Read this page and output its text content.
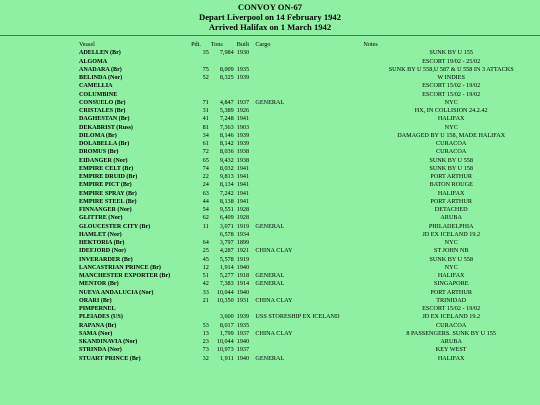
CONVOY ON-67
Depart Liverpool on 14 February 1942
Arrived Halifax on 1 March 1942
Vessel	Pdt.	Tons	Built	Cargo	Notes
ADELLEN (Br)	35	7,984	1930		SUNK BY U 155
ALGOMA					ESCORT 19/02 - 25/02
ANADARA (Br)	75	8,009	1935		SUNK BY U 558,U 587 & U 558 IN 3 ATTACKS
BELINDA (Nor)	52	8,325	1939		W INDIES
CAMELLIA					ESCORT 15/02 - 19/02
COLUMBINE					ESCORT 15/02 - 19/02
CONSUELO (Br)	71	4,847	1937	GENERAL	NYC
CRISTALES (Br)	31	5,389	1926		HX, IN COLLISION 24.2.42
DAGHESTAN (Br)	41	7,248	1941		HALIFAX
DEKABRIST (Russ)	81	7,363	1903		NYC
DILOMA (Br)	34	8,146	1939		DAMAGED BY U 158, MADE HALIFAX
DOLABELLA (Br)	61	8,142	1939		CURACOA
DROMUS (Br)	72	8,036	1938		CURACOA
EIDANGER (Nor)	65	9,432	1938		SUNK BY U 558
EMPIRE CELT (Br)	74	8,032	1941		SUNK BY U 158
EMPIRE DRUID (Br)	22	9,813	1941		PORT ARTHUR
EMPIRE PICT (Br)	24	8,134	1941		BATON ROUGE
EMPIRE SPRAY (Br)	63	7,242	1941		HALIFAX
EMPIRE STEEL (Br)	44	8,138	1941		PORT ARTHUR
FINNANGER (Nor)	54	9,551	1928		DETACHED
GLITTRE (Nor)	62	6,409	1928		ARUBA
GLOUCESTER CITY (Br)	11	3,071	1919	GENERAL	PHILADELPHIA
HAMLET (Nor)		6,578	1934		JD EX ICELAND 19.2
HEKTORIA (Br)	64	3,797	1899		NYC
IDEFJORD (Nor)	25	4,287	1921	CHINA CLAY	ST JOHN NB
INVERARDER (Br)	45	5,578	1919		SUNK BY U 558
LANCASTRIAN PRINCE (Br)	12	1,914	1940		NYC
MANCHESTER EXPORTER (Br)	51	5,277	1918	GENERAL	HALIFAX
MENTOR (Br)	42	7,383	1914	GENERAL	SINGAPORE
NUEVA ANDALUCIA (Nor)	33	10,044	1940		PORT ARTHUR
ORARI (Br)	21	10,350	1931	CHINA CLAY	TRINIDAD
PIMPERNEL					ESCORT 15/02 - 19/02
PLEIADES (US)		3,600	1939	USS STORESHIP EX ICELAND	JD EX ICELAND 19.2
RAPANA (Br)	53	8,017	1935		CURACOA
SAMA (Nor)	13	1,799	1937	CHINA CLAY	8 PASSENGERS. SUNK BY U 155
SKANDINAVIA (Nor)	23	10,044	1940		ARUBA
STRINDA (Nor)	73	10,973	1937		KEY WEST
STUART PRINCE (Br)	32	1,911	1940	GENERAL	HALIFAX
